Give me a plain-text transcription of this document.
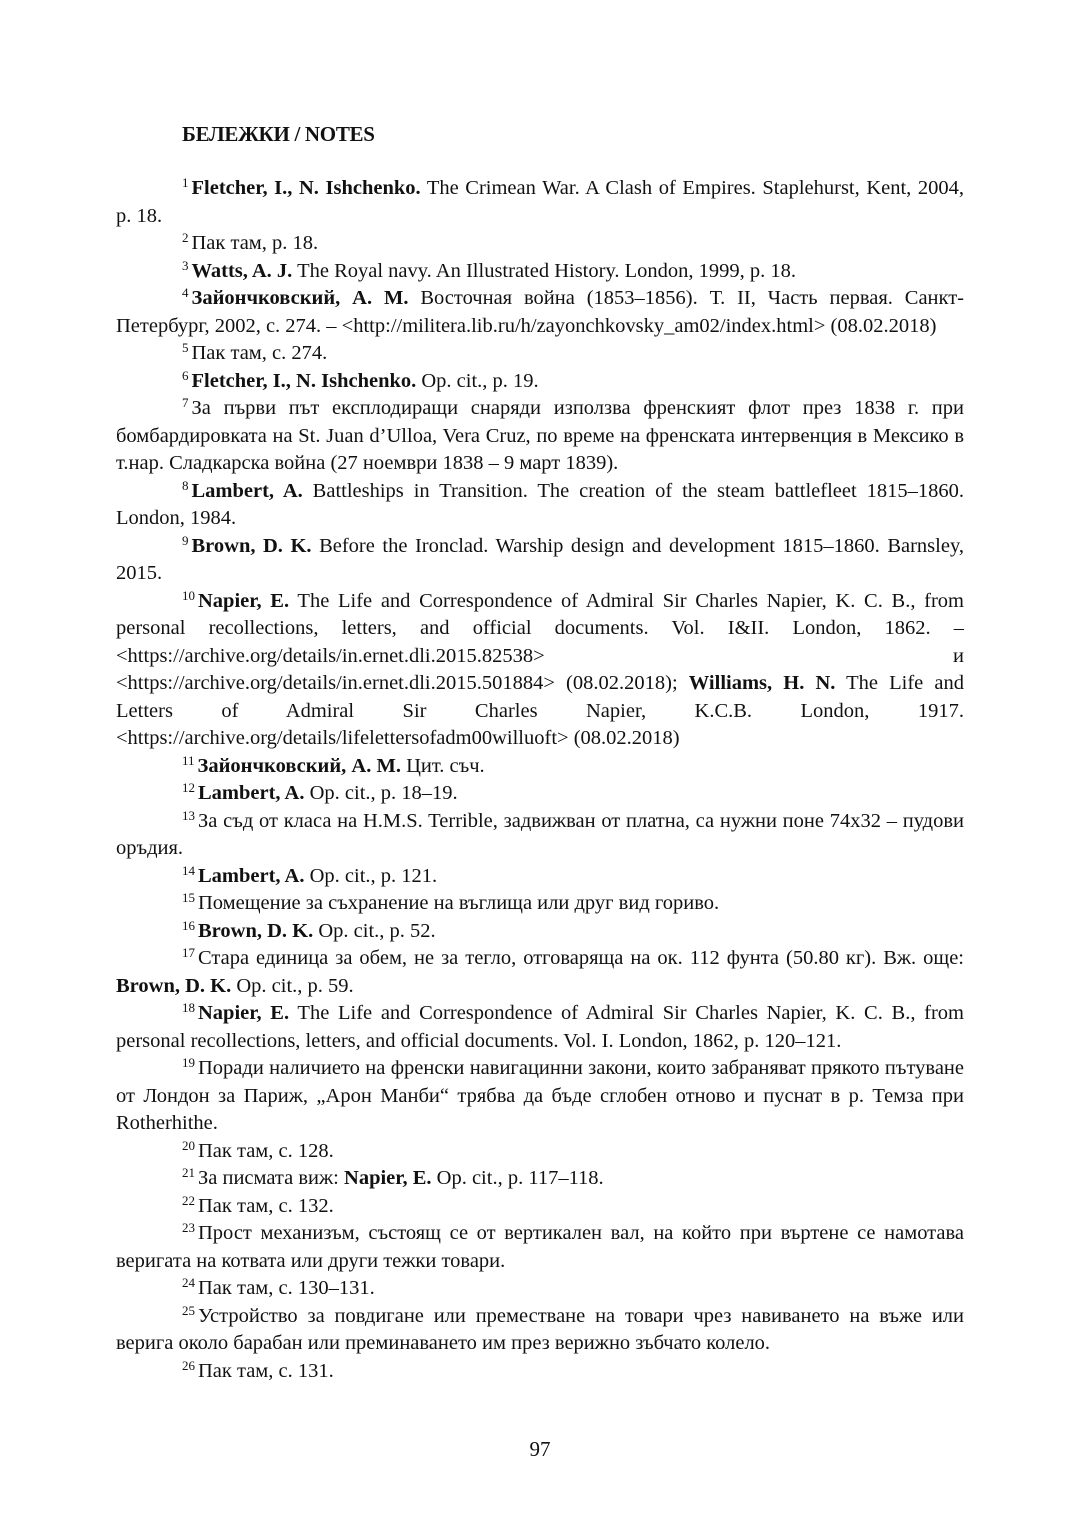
БЕЛЕЖКИ / NOTES

$^1$ Fletcher, I., N. Ishchenko. The Crimean War. A Clash of Empires. Staplehurst, Kent, 2004, p. 18.

$^2$ Пак там, p. 18.

$^3$ Watts, A. J. The Royal navy. An Illustrated History. London, 1999, p. 18.

$^4$ Зайончковский, А. М. Восточная война (1853–1856). Т. II, Часть первая. Санкт-Петербург, 2002, с. 274. – <http://militera.lib.ru/h/zayonchkovsky_am02/index.html> (08.02.2018)

$^5$ Пак там, с. 274.

$^6$ Fletcher, I., N. Ishchenko. Op. cit., p. 19.

$^7$ За първи път експлодиращи снаряди използва френският флот през 1838 г. при бомбардировката на St. Juan d’Ulloa, Vera Cruz, по време на френската интервенция в Мексико в т.нар. Сладкарска война (27 ноември 1838 – 9 март 1839).

$^8$ Lambert, A. Battleships in Transition. The creation of the steam battlefleet 1815–1860. London, 1984.

$^9$ Brown, D. K. Before the Ironclad. Warship design and development 1815–1860. Barnsley, 2015.

$^{10}$ Napier, E. The Life and Correspondence of Admiral Sir Charles Napier, K. C. B., from personal recollections, letters, and official documents. Vol. I&II. London, 1862. – <https://archive.org/details/in.ernet.dli.2015.82538> и <https://archive.org/details/in.ernet.dli.2015.501884> (08.02.2018); Williams, H. N. The Life and Letters of Admiral Sir Charles Napier, K.C.B. London, 1917. <https://archive.org/details/lifelettersofadm00willuoft> (08.02.2018)

$^{11}$ Зайончковский, А. М. Цит. съч.

$^{12}$ Lambert, A. Op. cit., p. 18–19.

$^{13}$ За съд от класа на H.M.S. Terrible, задвижван от платна, са нужни поне 74х32 – пудови оръдия.

$^{14}$ Lambert, A. Op. cit., p. 121.

$^{15}$ Помещение за съхранение на въглища или друг вид гориво.

$^{16}$ Brown, D. K. Op. cit., p. 52.

$^{17}$ Стара единица за обем, не за тегло, отговаряща на ок. 112 фунта (50.80 кг). Вж. още: Brown, D. K. Op. cit., p. 59.

$^{18}$ Napier, E. The Life and Correspondence of Admiral Sir Charles Napier, K. C. B., from personal recollections, letters, and official documents. Vol. I. London, 1862, p. 120–121.

$^{19}$ Поради наличието на френски навигацинни закони, които забраняват прякото пътуване от Лондон за Париж, „Арон Манби“ трябва да бъде сглобен отново и пуснат в р. Темза при Rotherhithe.

$^{20}$ Пак там, с. 128.

$^{21}$ За писмата виж: Napier, E. Op. cit., p. 117–118.

$^{22}$ Пак там, с. 132.

$^{23}$ Прост механизъм, състоящ се от вертикален вал, на който при въртене се намотава веригата на котвата или други тежки товари.

$^{24}$ Пак там, с. 130–131.

$^{25}$ Устройство за повдигане или преместване на товари чрез навиването на въже или верига около барабан или преминаването им през верижно зъбчато колело.

$^{26}$ Пак там, с. 131.

97
